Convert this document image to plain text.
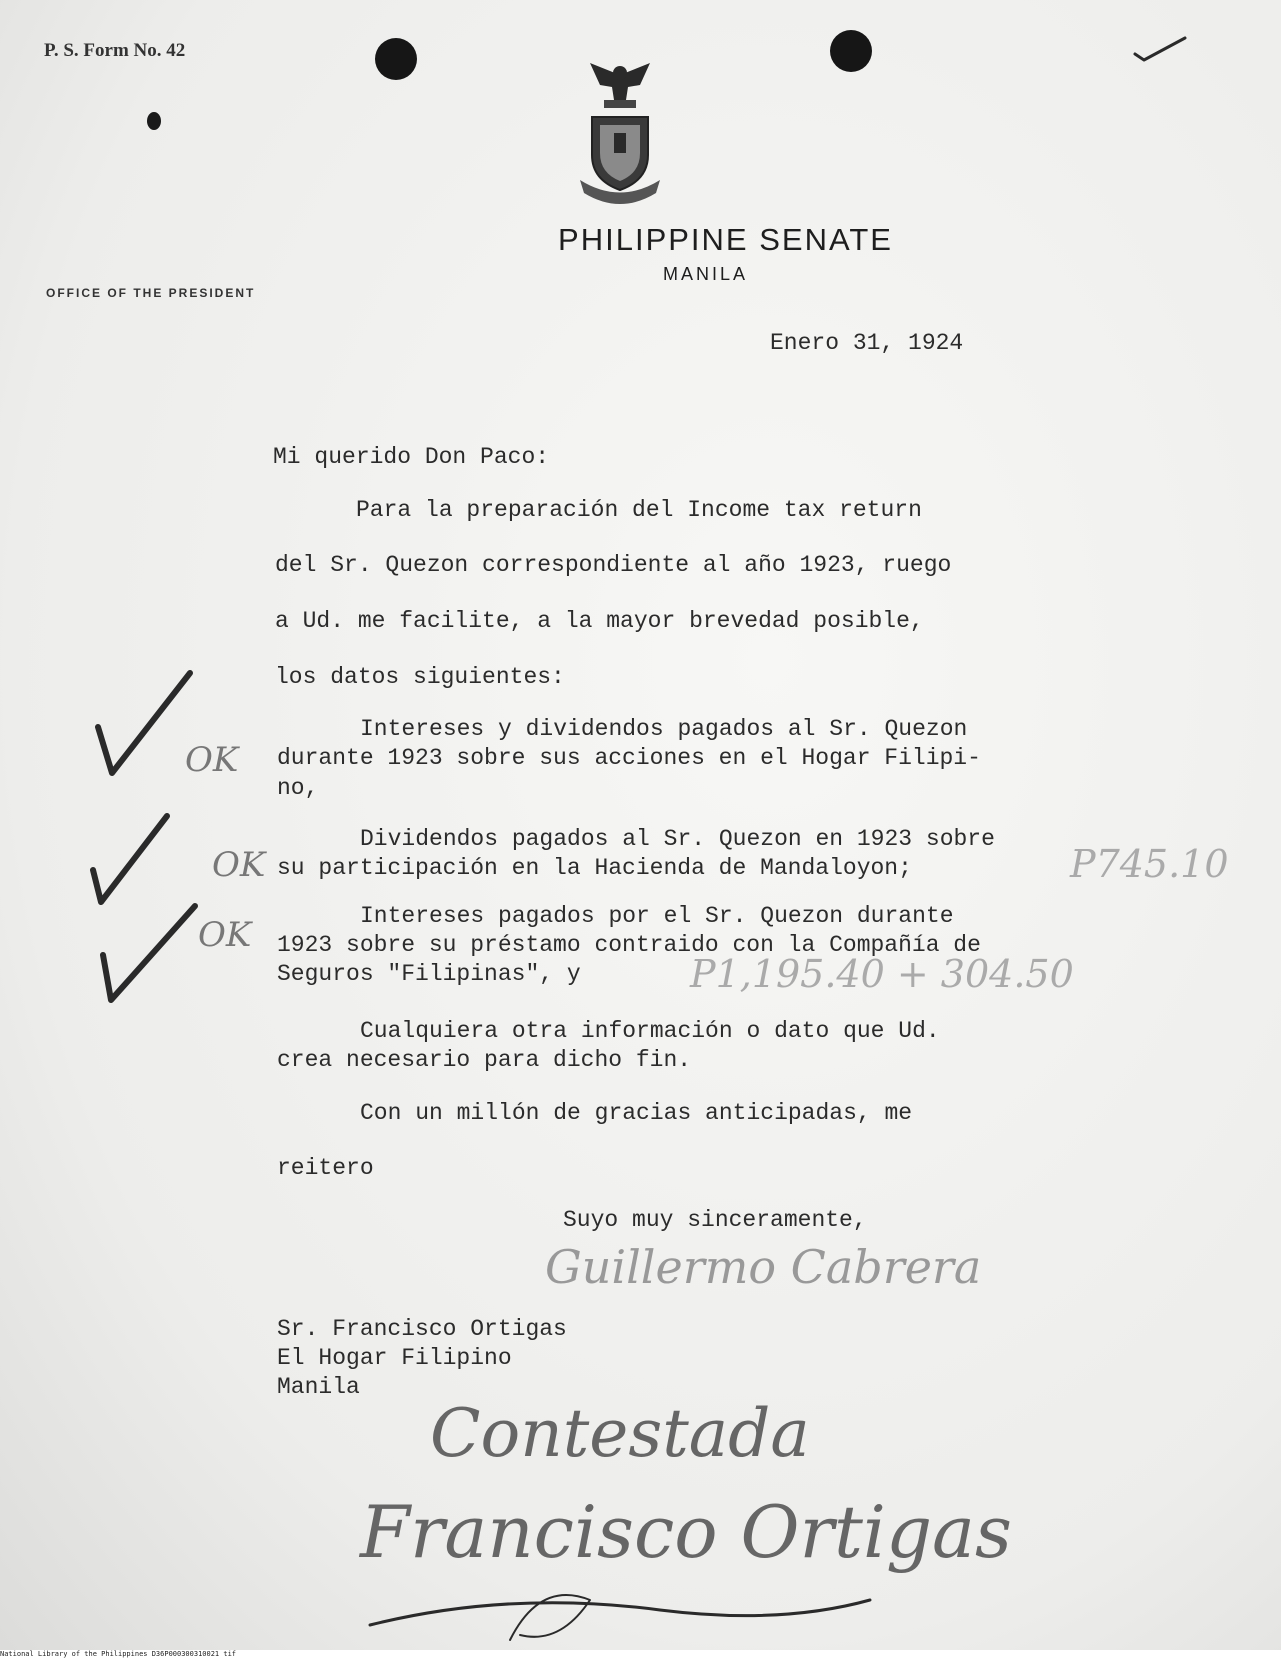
P. S. Form No. 42
PHILIPPINE SENATE
MANILA
OFFICE OF THE PRESIDENT
Enero 31, 1924
Mi querido Don Paco:
Para la preparación del Income tax return
del Sr. Quezon correspondiente al año 1923, ruego
a Ud. me facilite, a la mayor brevedad posible,
los datos siguientes:
Intereses y dividendos pagados al Sr. Quezon
durante 1923 sobre sus acciones en el Hogar Filipi-
no,
Dividendos pagados al Sr. Quezon en 1923 sobre
su participación en la Hacienda de Mandaloyon;
Intereses pagados por el Sr. Quezon durante
1923 sobre su préstamo contraido con la Compañía de
Seguros "Filipinas", y
Cualquiera otra información o dato que Ud.
crea necesario para dicho fin.
Con un millón de gracias anticipadas, me
reitero
Suyo muy sinceramente,
Guillermo Cabrera
Sr. Francisco Ortigas
El Hogar Filipino
Manila
OK
OK
OK
P745.10
P1,195.40 + 304.50
Contestada
Francisco Ortigas
National Library of the Philippines D36P000300310021 tif
